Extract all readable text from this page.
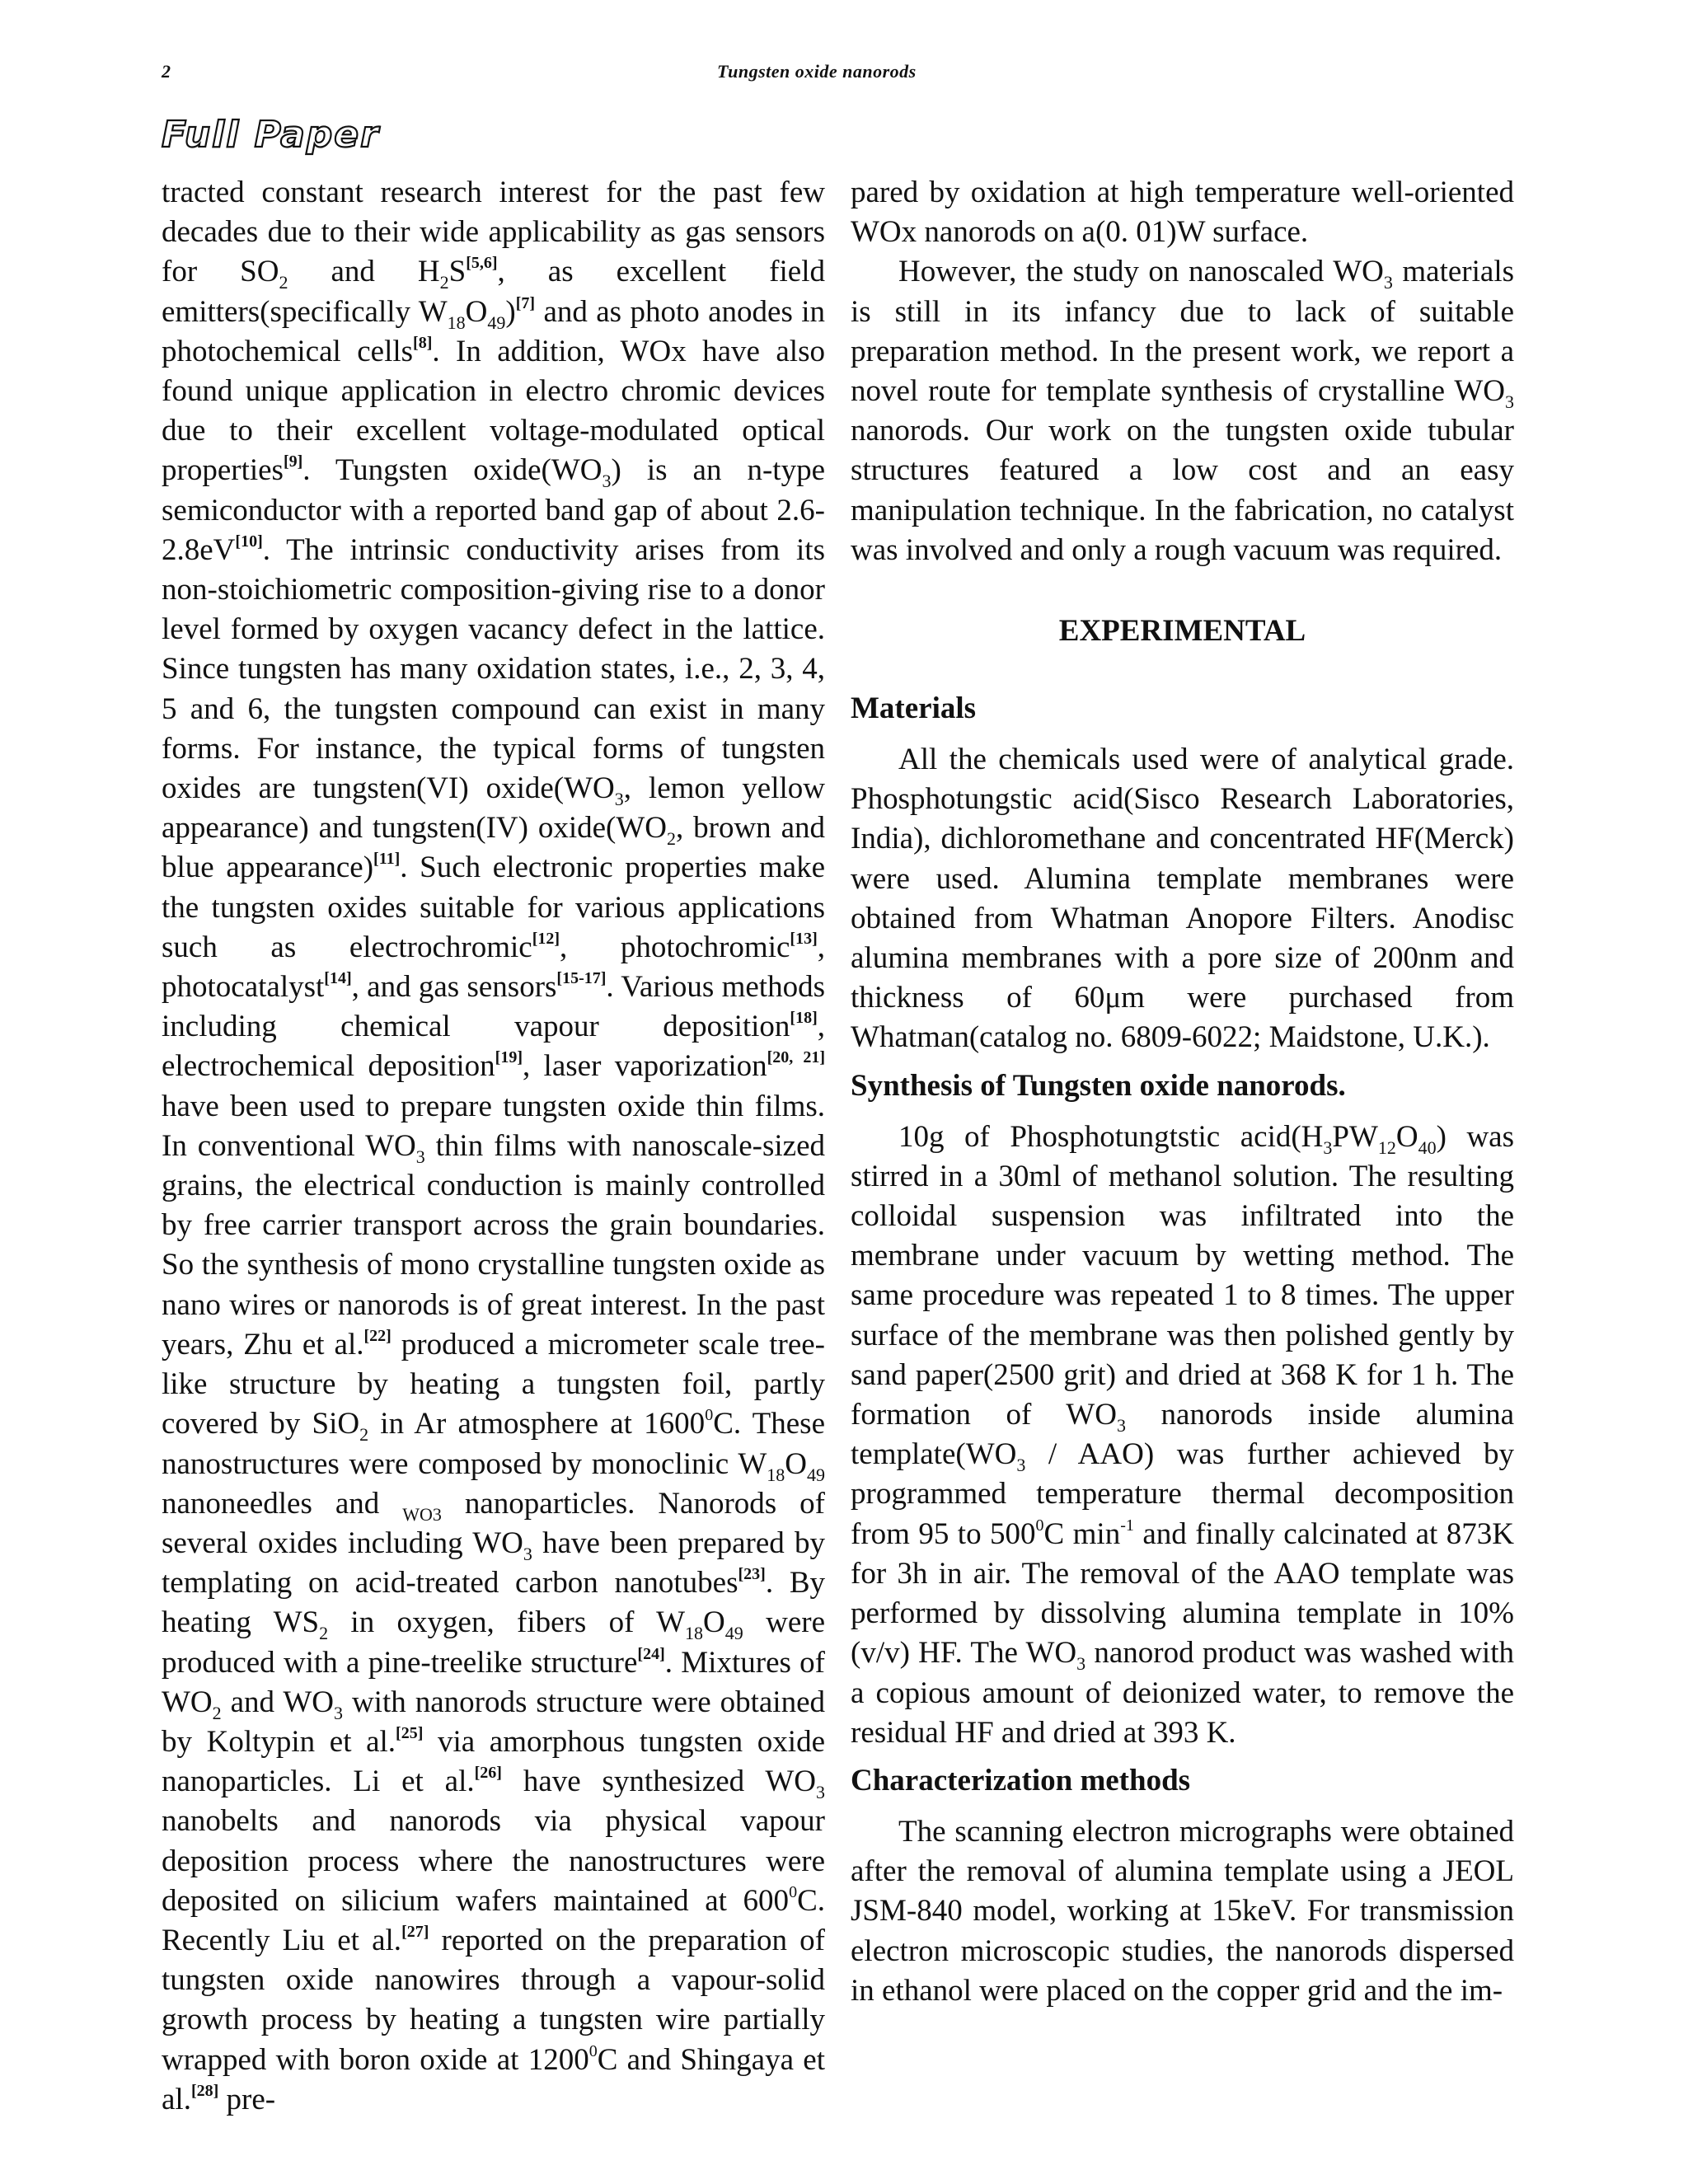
2	Tungsten oxide nanorods
Full Paper

tracted constant research interest for the past few decades due to their wide applicability as gas sensors for $SO_2$ and $H_2S[5,6]$, as excellent field emitters(specifically $W_{18}O_{49})[7]$ and as photo anodes in photochemical cells[8]. In addition, WOx have also found unique application in electro chromic devices due to their excellent voltage-modulated optical properties[9]. Tungsten $oxide(WO_3)$ is an n-type semiconductor with a reported band gap of about 2.6-2.8eV[10]. The intrinsic conductivity arises from its non-stoichiometric composition-giving rise to a donor level formed by oxygen vacancy defect in the lattice. Since tungsten has many oxidation states, i.e., 2, 3, 4, 5 and 6, the tungsten compound can exist in many forms. For instance, the typical forms of tungsten oxides are tungsten(VI) $oxide(WO_3$, lemon yellow appearance) and tungsten(IV) $oxide(WO_2$, brown and blue appearance)[11]. Such electronic properties make the tungsten oxides suitable for various applications such as electrochromic[12], photochromic[13], photocatalyst[14], and gas sensors[15-17]. Various methods including chemical vapour deposition[18], electrochemical deposition[19], laser vaporization[20, 21] have been used to prepare tungsten oxide thin films. In conventional $WO_3$ thin films with nanoscale-sized grains, the electrical conduction is mainly controlled by free carrier transport across the grain boundaries. So the synthesis of mono crystalline tungsten oxide as nano wires or nanorods is of great interest. In the past years, Zhu et al.[22] produced a micrometer scale tree-like structure by heating a tungsten foil, partly covered by SiO$_2$ in Ar atmosphere at 1600$^0$C. These nanostructures were composed by monoclinic $W_{18}O_{49}$ nanoneedles and $_{WO3}$ nanoparticles. Nanorods of several oxides including $WO_3$ have been prepared by templating on acid-treated carbon nanotubes[23]. By heating $WS_2$ in oxygen, fibers of $W_{18}O_{49}$ were produced with a pine-treelike structure[24]. Mixtures of $WO_2$ and $WO_3$ with nanorods structure were obtained by Koltypin et al.[25] via amorphous tungsten oxide nanoparticles. Li et al.[26] have synthesized $WO_3$ nanobelts and nanorods via physical vapour deposition process where the nanostructures were deposited on silicium wafers maintained at $600^0C$. Recently Liu et al.[27] reported on the preparation of tungsten oxide nanowires through a vapour-solid growth process by heating a tungsten wire partially wrapped with boron oxide at 1200$^0$C and Shingaya et al.[28] pre-

pared by oxidation at high temperature well-oriented WOx nanorods on a(0. 01)W surface.

However, the study on nanoscaled $WO_3$ materials is still in its infancy due to lack of suitable preparation method. In the present work, we report a novel route for template synthesis of crystalline $WO_3$ nanorods. Our work on the tungsten oxide tubular structures featured a low cost and an easy manipulation technique. In the fabrication, no catalyst was involved and only a rough vacuum was required.

EXPERIMENTAL
Materials

All the chemicals used were of analytical grade. Phosphotungstic acid(Sisco Research Laboratories, India), dichloromethane and concentrated HF(Merck) were used. Alumina template membranes were obtained from Whatman Anopore Filters. Anodisc alumina membranes with a pore size of 200nm and thickness of 60μm were purchased from Whatman(catalog no. 6809-6022; Maidstone, U.K.).

Synthesis of Tungsten oxide nanorods.

10g of Phosphotungtstic $acid(H_3PW_{12}O_{40})$ was stirred in a 30ml of methanol solution. The resulting colloidal suspension was infiltrated into the membrane under vacuum by wetting method. The same procedure was repeated 1 to 8 times. The upper surface of the membrane was then polished gently by sand paper(2500 grit) and dried at 368 K for 1 h. The formation of $WO_3$ nanorods inside alumina $template(WO_3 / AAO)$ was further achieved by programmed temperature thermal decomposition from 95 to $500^0C$ $\min^{-1}$ and finally calcinated at 873K for 3h in air. The removal of the AAO template was performed by dissolving alumina template in 10%(v/v) HF. The $WO_3$ nanorod product was washed with a copious amount of deionized water, to remove the residual HF and dried at 393 K.

Characterization methods

The scanning electron micrographs were obtained after the removal of alumina template using a JEOL JSM-840 model, working at 15keV. For transmission electron microscopic studies, the nanorods dispersed in ethanol were placed on the copper grid and the im-
